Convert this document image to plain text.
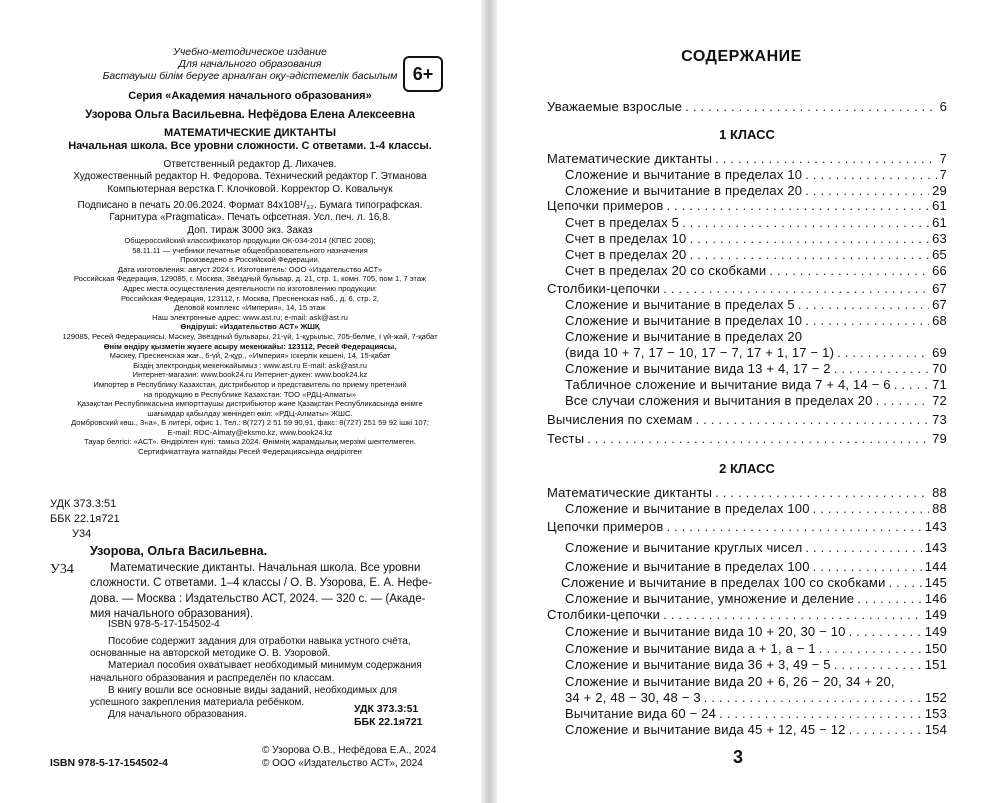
Учебно-методическое издание
Для начального образования
Бастауыш білім беруге арналған оқу-әдістемелік басылым 6+
Серия «Академия начального образования»
Узорова Ольга Васильевна. Нефёдова Елена Алексеевна
МАТЕМАТИЧЕСКИЕ ДИКТАНТЫ
Начальная школа. Все уровни сложности. С ответами. 1-4 классы.
Ответственный редактор Д. Лихачев.
Художественный редактор Н. Федорова. Технический редактор Г. Этманова
Компьютерная верстка Г. Клочковой. Корректор О. Ковальчук
Подписано в печать 20.06.2024. Формат 84х108¹/₃₂. Бумага типографская.
Гарнитура «Pragmatica». Печать офсетная. Усл. печ. л. 16,8.
Доп. тираж 3000 экз. Заказ
Общероссийский классификатор продукции ОК-034-2014 (КПЕС 2008);
58.11.11 — учебники печатные общеобразовательного назначения
Произведено в Российской Федерации.
Дата изготовления: август 2024 г. Изготовитель: ООО «Издательство АСТ»
Российская Федерация, 129085, г. Москва, Звёздный бульвар, д. 21, стр. 1, комн. 705, пом 1, 7 этаж
Адрес места осуществления деятельности по изготовлению продукции:
Российская Федерация, 123112, г. Москва, Пресненская наб., д. 6, стр. 2,
Деловой комплекс «Империя», 14, 15 этаж
Наш электронные адрес: www.ast.ru; e-mail: ask@ast.ru
Өндіруші: «Издательство АСТ» ЖШҚ
129085, Ресей Федерациясы, Мәскеу, Звёздный бульвары, 21-үй, 1-құрылыс, 705-бөлме, I үй-жай, 7-қабат
Өнім өндіру қызметін жүзеге асыру мекенжайы: 123112, Ресей Федерациясы,
Мәскеу, Пресненская жағ., 6-үй, 2-құр., «Империя» іскерлік кешені, 14, 15-қабат
Біздің электрондық мекенжайымыз : www.ast.ru E-mail: ask@ast.ru
Интернет-магазин: www.book24.ru Интернет-дүкен: www.book24.kz
Импортер в Республику Казахстан, дистрибьютор и представитель по приему претензий
на продукцию в Республике Казахстан: ТОО «РДЦ-Алматы»
Қазақстан Республикасына импорттаушы дистрибьютор және Қазақстан Республикасында өнімге
шағымдар қабылдау жөніндегі өкіл: «РДЦ-Алматы» ЖШС.
Домбровский көш., 3«а», Б литері, офис 1. Тел.: 8(727) 2 51 59 90,91, факс: 8(727) 251 59 92 ішкі 107;
E-mail: RDC-Almaty@eksmo.kz, www.book24.kz
Тауар белгісі: «АСТ». Өндірілген күні: тамыз 2024. Өнімнің жарамдылық мерзімі шектелмеген.
Сертификаттауға жатпайды Ресей Федерациясында өндірілген
УДК 373.3:51
ББК 22.1я721
У34
Узорова, Ольга Васильевна.
У34	Математические диктанты. Начальная школа. Все уровни
сложности. С ответами. 1–4 классы / О. В. Узорова, Е. А. Нефе-
дова. — Москва : Издательство АСТ, 2024. — 320 с. — (Акаде-
мия начального образования).
ISBN 978-5-17-154502-4
Пособие содержит задания для отработки навыка устного счёта,
основанные на авторской методике О. В. Узоровой.
Материал пособия охватывает необходимый минимум содержания
начального образования и распределён по классам.
В книгу вошли все основные виды заданий, необходимых для
успешного закрепления материала ребёнком.
Для начального образования.	УДК 373.3:51
ББК 22.1я721
ISBN 978-5-17-154502-4
© Узорова О.В., Нефёдова Е.А., 2024
© ООО «Издательство АСТ», 2024
СОДЕРЖАНИЕ
Уважаемые взрослые . . .	6
1 КЛАСС
Математические диктанты . . .	7
Сложение и вычитание в пределах 10 . . .	7
Сложение и вычитание в пределах 20 . . .	29
Цепочки примеров . . .	61
Счет в пределах 5 . . .	61
Счет в пределах 10 . . .	63
Счет в пределах 20 . . .	65
Счет в пределах 20 со скобками . . .	66
Столбики-цепочки . . .	67
Сложение и вычитание в пределах 5 . . .	67
Сложение и вычитание в пределах 10 . . .	68
Сложение и вычитание в пределах 20
(вида 10 + 7, 17 − 10, 17 − 7, 17 + 1, 17 − 1) . . .	69
Сложение и вычитание вида 13 + 4, 17 − 2 . . .	70
Табличное сложение и вычитание вида 7 + 4, 14 − 6 . . .	71
Все случаи сложения и вычитания в пределах 20 . . .	72
Вычисления по схемам . . .	73
Тесты . . .	79
2 КЛАСС
Математические диктанты . . .	88
Сложение и вычитание в пределах 100 . . .	88
Цепочки примеров . . .	143
Сложение и вычитание круглых чисел . . .	143
Сложение и вычитание в пределах 100 . . .	144
Сложение и вычитание в пределах 100 со скобками . . .	145
Сложение и вычитание, умножение и деление . . .	146
Столбики-цепочки . . .	149
Сложение и вычитание вида 10 + 20, 30 − 10 . . .	149
Сложение и вычитание вида а + 1, а − 1 . . .	150
Сложение и вычитание вида 36 + 3, 49 − 5 . . .	151
Сложение и вычитание вида 20 + 6, 26 − 20, 34 + 20,
34 + 2, 48 − 30, 48 − 3 . . .	152
Вычитание вида 60 − 24 . . .	153
Сложение и вычитание вида 45 + 12, 45 − 12 . . .	154
3
